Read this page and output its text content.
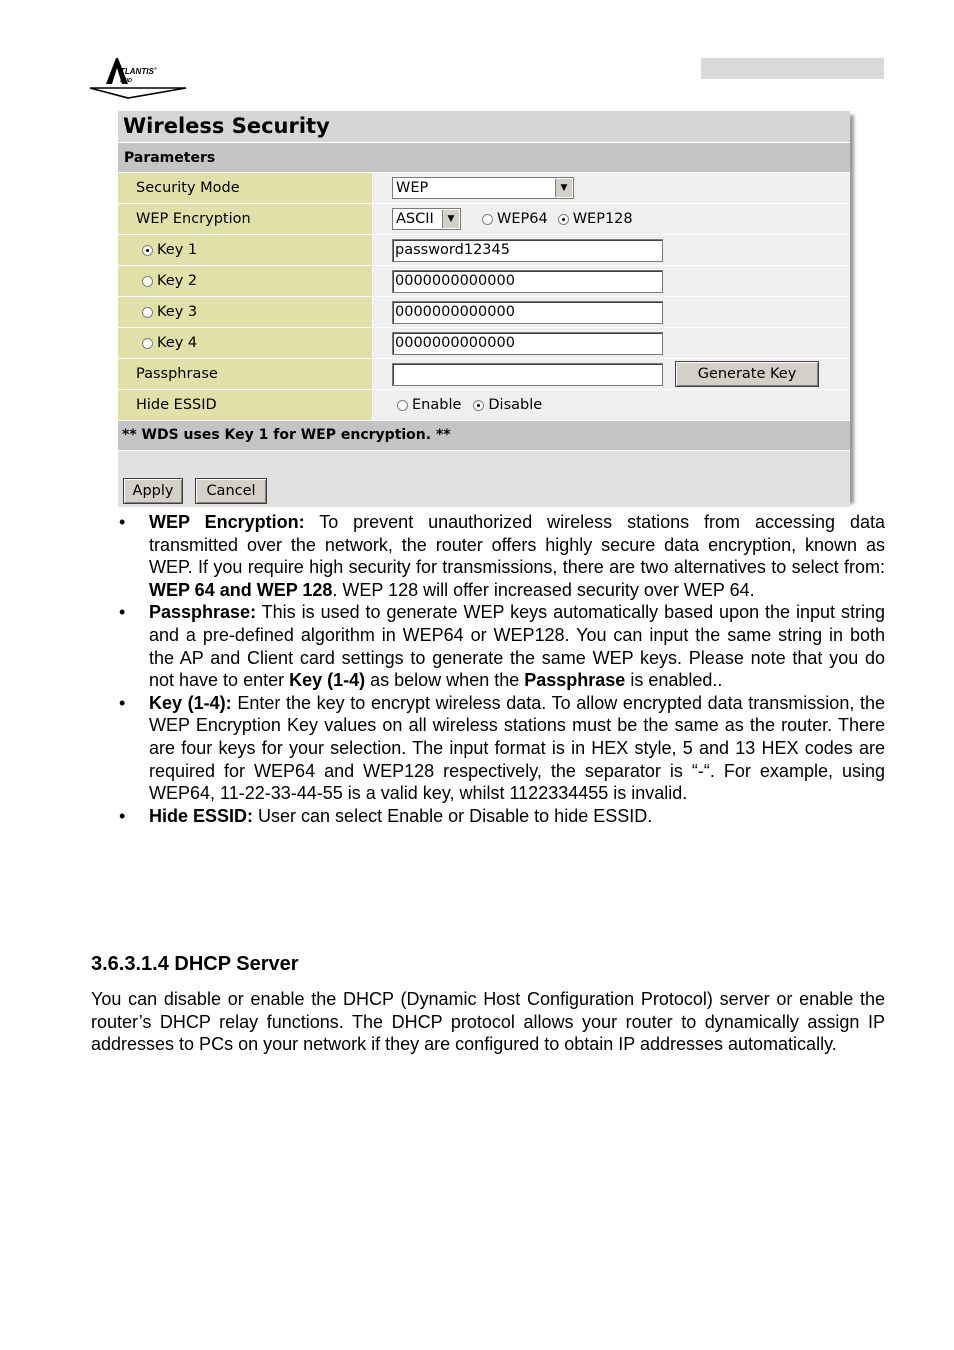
TLANTIS ®
AND
Wireless Security
Parameters
Security Mode	WEP	▼
WEP Encryption	ASCII	▼	WEP64 WEP128
Key 1	password12345
Key 2	0000000000000
Key 3	0000000000000
Key 4	0000000000000
Passphrase	Generate Key
Hide ESSID	Enable Disable
** WDS uses Key 1 for WEP encryption. **
Apply	Cancel
• WEP Encryption: To prevent unauthorized wireless stations from accessing data transmitted over the network, the router offers highly secure data encryption, known as WEP. If you require high security for transmissions, there are two alternatives to select from: WEP 64 and WEP 128. WEP 128 will offer increased security over WEP 64.
• Passphrase: This is used to generate WEP keys automatically based upon the input string and a pre-defined algorithm in WEP64 or WEP128. You can input the same string in both the AP and Client card settings to generate the same WEP keys. Please note that you do not have to enter Key (1-4) as below when the Passphrase is enabled..
• Key (1-4): Enter the key to encrypt wireless data. To allow encrypted data transmission, the WEP Encryption Key values on all wireless stations must be the same as the router. There are four keys for your selection. The input format is in HEX style, 5 and 13 HEX codes are required for WEP64 and WEP128 respectively, the separator is “-“. For example, using WEP64, 11-22-33-44-55 is a valid key, whilst 1122334455 is invalid.
• Hide ESSID: User can select Enable or Disable to hide ESSID.
3.6.3.1.4 DHCP Server

You can disable or enable the DHCP (Dynamic Host Configuration Protocol) server or enable the router’s DHCP relay functions. The DHCP protocol allows your router to dynamically assign IP addresses to PCs on your network if they are configured to obtain IP addresses automatically.
